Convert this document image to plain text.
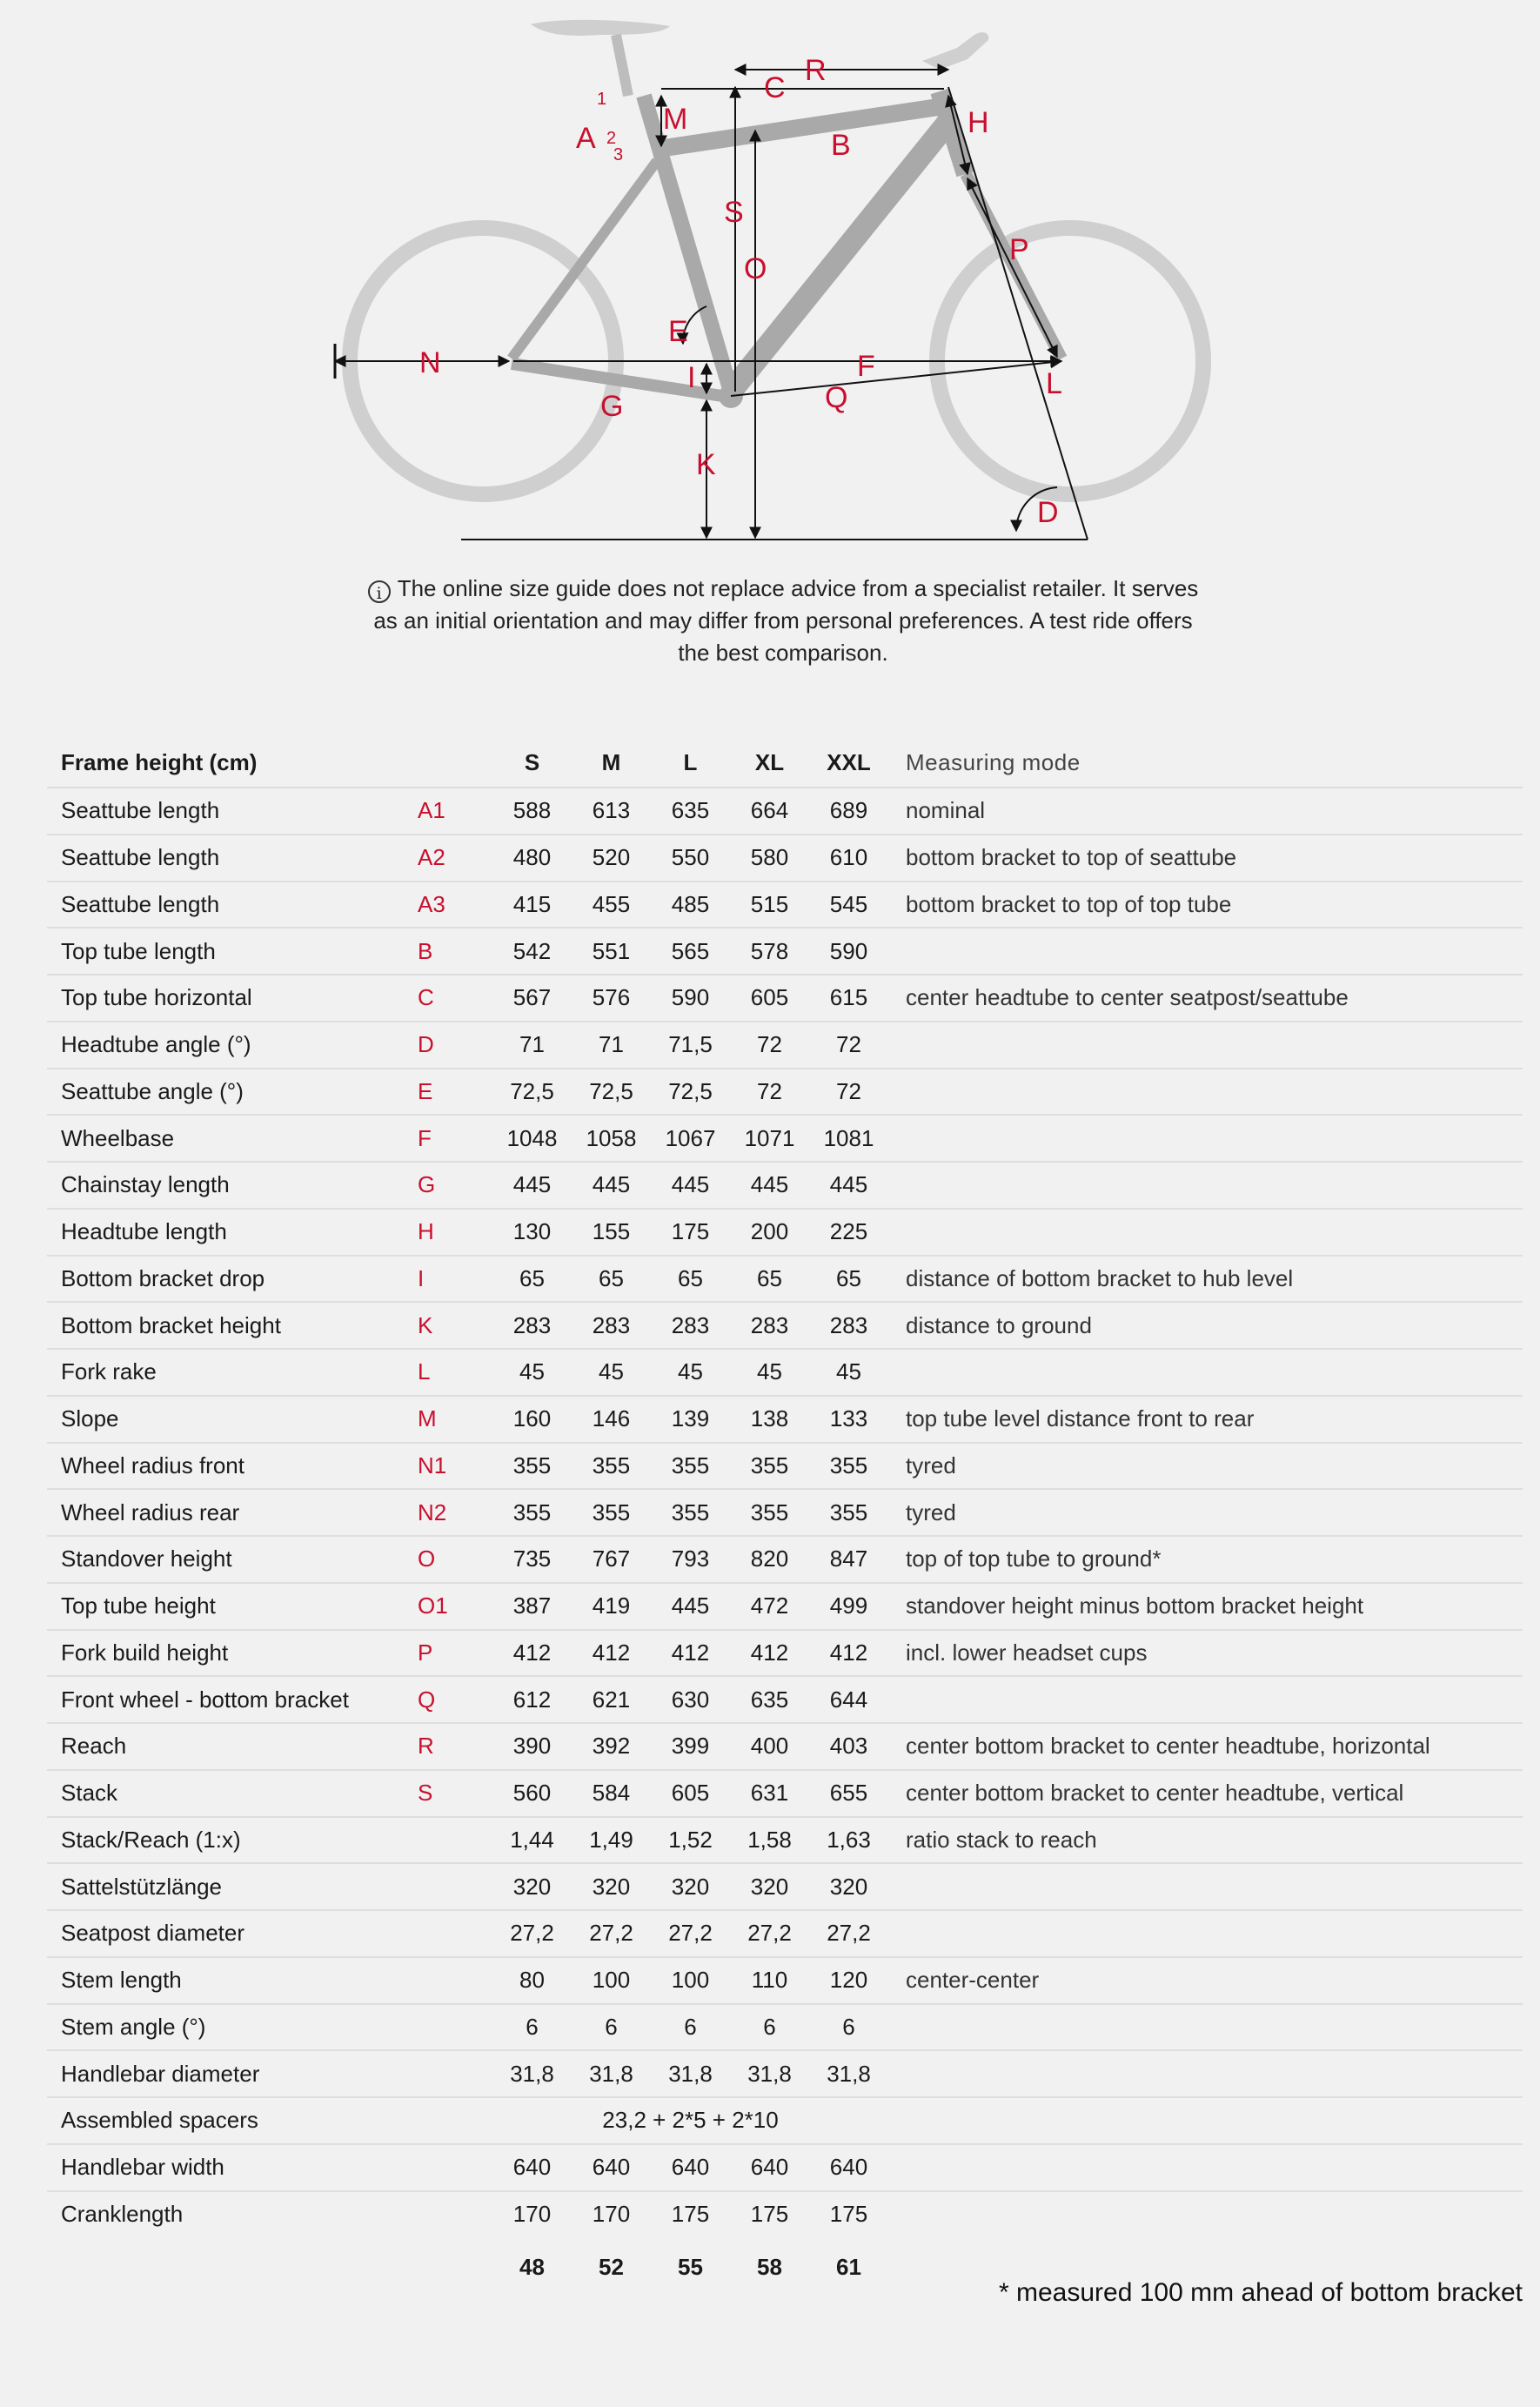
A	B
C
D
E
F
G
H
I
K
L
M
N
O
P
Q
R
S
1
2
3
i The online size guide does not replace advice from a specialist retailer. It serves as an initial orientation and may differ from personal preferences. A test ride offers the best comparison.
Frame height (cm)		S	M	L	XL	XXL	Measuring mode
Seattube length	A1	588	613	635	664	689	nominal
Seattube length	A2	480	520	550	580	610	bottom bracket to top of seattube
Seattube length	A3	415	455	485	515	545	bottom bracket to top of top tube
Top tube length	B	542	551	565	578	590	
Top tube horizontal	C	567	576	590	605	615	center headtube to center seatpost/seattube
Headtube angle (°)	D	71	71	71,5	72	72	
Seattube angle (°)	E	72,5	72,5	72,5	72	72	
Wheelbase	F	1048	1058	1067	1071	1081	
Chainstay length	G	445	445	445	445	445	
Headtube length	H	130	155	175	200	225	
Bottom bracket drop	I	65	65	65	65	65	distance of bottom bracket to hub level
Bottom bracket height	K	283	283	283	283	283	distance to ground
Fork rake	L	45	45	45	45	45	
Slope	M	160	146	139	138	133	top tube level distance front to rear
Wheel radius front	N1	355	355	355	355	355	tyred
Wheel radius rear	N2	355	355	355	355	355	tyred
Standover height	O	735	767	793	820	847	top of top tube to ground*
Top tube height	O1	387	419	445	472	499	standover height minus bottom bracket height
Fork build height	P	412	412	412	412	412	incl. lower headset cups
Front wheel - bottom bracket	Q	612	621	630	635	644	
Reach	R	390	392	399	400	403	center bottom bracket to center headtube, horizontal
Stack	S	560	584	605	631	655	center bottom bracket to center headtube, vertical
Stack/Reach (1:x)		1,44	1,49	1,52	1,58	1,63	ratio stack to reach
Sattelstützlänge		320	320	320	320	320	
Seatpost diameter		27,2	27,2	27,2	27,2	27,2	
Stem length		80	100	100	110	120	center-center
Stem angle (°)		6	6	6	6	6	
Handlebar diameter		31,8	31,8	31,8	31,8	31,8	
Assembled spacers		23,2 + 2*5 + 2*10					
Handlebar width		640	640	640	640	640	
Cranklength		170	170	175	175	175	
		48	52	55	58	61	
* measured 100 mm ahead of bottom bracket
